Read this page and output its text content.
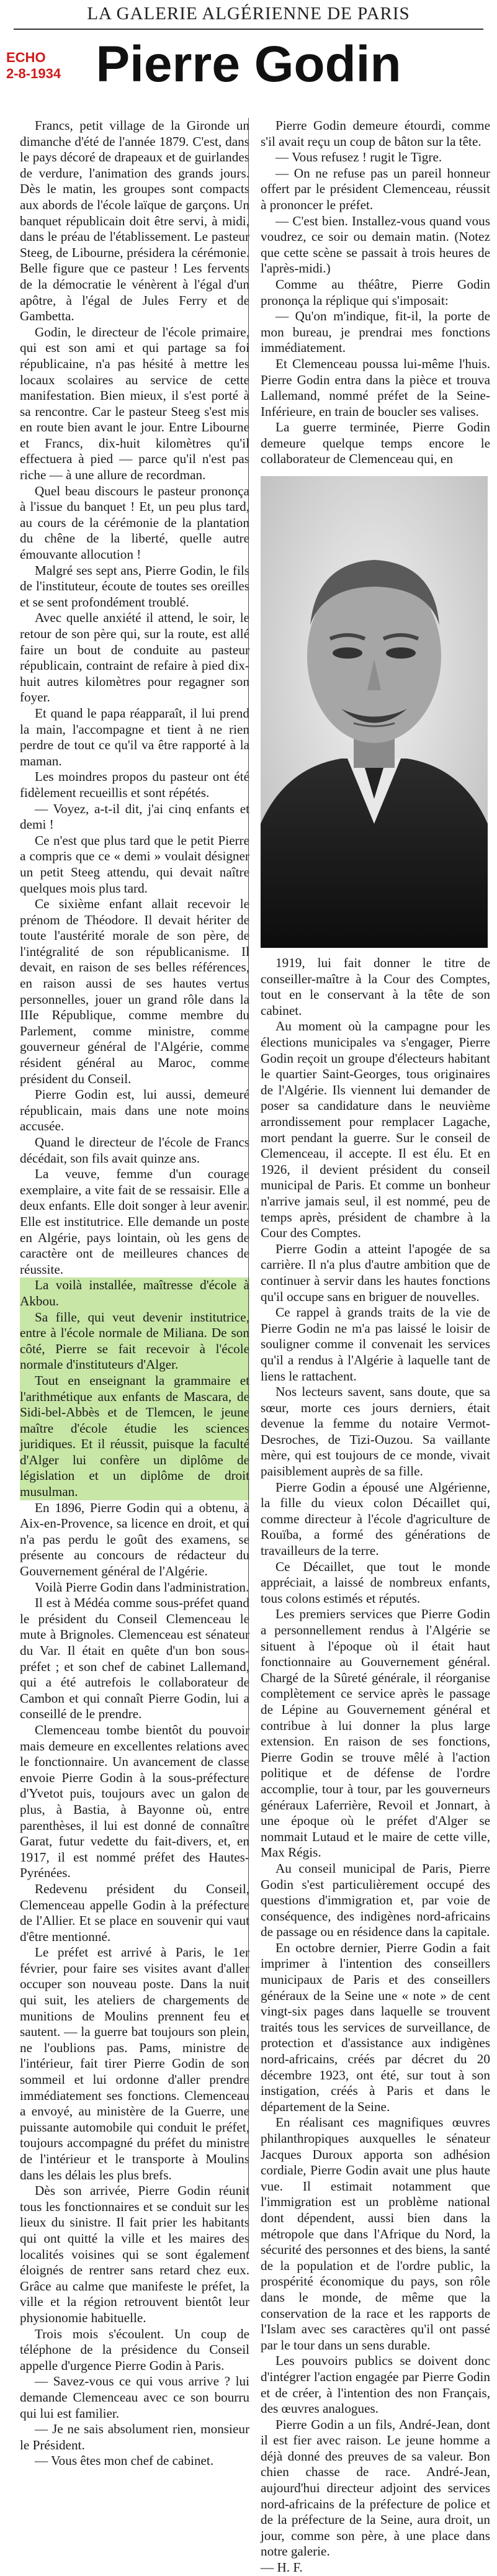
LA GALERIE ALGÉRIENNE DE PARIS
ECHO
2-8-1934 Pierre Godin

Francs, petit village de la Gironde un dimanche d'été de l'année 1879. C'est, dans le pays décoré de drapeaux et de guirlandes de verdure, l'animation des grands jours. Dès le matin, les groupes sont compacts aux abords de l'école laïque de garçons. Un banquet républicain doit être servi, à midi, dans le préau de l'établissement. Le pasteur Steeg, de Libourne, présidera la cérémonie. Belle figure que ce pasteur ! Les fervents de la démocratie le vénèrent à l'égal d'un apôtre, à l'égal de Jules Ferry et de Gambetta.

Godin, le directeur de l'école primaire, qui est son ami et qui partage sa foi républicaine, n'a pas hésité à mettre les locaux scolaires au service de cette manifestation. Bien mieux, il s'est porté à sa rencontre. Car le pasteur Steeg s'est mis en route bien avant le jour. Entre Libourne et Francs, dix-huit kilomètres qu'il effectuera à pied — parce qu'il n'est pas riche — à une allure de recordman.

Quel beau discours le pasteur prononça à l'issue du banquet ! Et, un peu plus tard, au cours de la cérémonie de la plantation du chêne de la liberté, quelle autre émouvante allocution !

Malgré ses sept ans, Pierre Godin, le fils de l'instituteur, écoute de toutes ses oreilles et se sent profondément troublé.

Avec quelle anxiété il attend, le soir, le retour de son père qui, sur la route, est allé faire un bout de conduite au pasteur républicain, contraint de refaire à pied dix-huit autres kilomètres pour regagner son foyer.

Et quand le papa réapparaît, il lui prend la main, l'accompagne et tient à ne rien perdre de tout ce qu'il va être rapporté à la maman.

Les moindres propos du pasteur ont été fidèlement recueillis et sont répétés.

— Voyez, a-t-il dit, j'ai cinq enfants et demi !

Ce n'est que plus tard que le petit Pierre a compris que ce « demi » voulait désigner un petit Steeg attendu, qui devait naître quelques mois plus tard.

Ce sixième enfant allait recevoir le prénom de Théodore. Il devait hériter de toute l'austérité morale de son père, de l'intégralité de son républicanisme. Il devait, en raison de ses belles références, en raison aussi de ses hautes vertus personnelles, jouer un grand rôle dans la IIIe République, comme membre du Parlement, comme ministre, comme gouverneur général de l'Algérie, comme résident général au Maroc, comme président du Conseil.

Pierre Godin est, lui aussi, demeuré républicain, mais dans une note moins accusée.

Quand le directeur de l'école de Francs décédait, son fils avait quinze ans.

La veuve, femme d'un courage exemplaire, a vite fait de se ressaisir. Elle a deux enfants. Elle doit songer à leur avenir. Elle est institutrice. Elle demande un poste en Algérie, pays lointain, où les gens de caractère ont de meilleures chances de réussite.

La voilà installée, maîtresse d'école à Akbou.

Sa fille, qui veut devenir institutrice, entre à l'école normale de Miliana. De son côté, Pierre se fait recevoir à l'école normale d'instituteurs d'Alger.

Tout en enseignant la grammaire et l'arithmétique aux enfants de Mascara, de Sidi-bel-Abbès et de Tlemcen, le jeune maître d'école étudie les sciences juridiques. Et il réussit, puisque la faculté d'Alger lui confère un diplôme de législation et un diplôme de droit musulman.

En 1896, Pierre Godin qui a obtenu, à Aix-en-Provence, sa licence en droit, et qui n'a pas perdu le goût des examens, se présente au concours de rédacteur du Gouvernement général de l'Algérie.

Voilà Pierre Godin dans l'administration.

Il est à Médéa comme sous-préfet quand le président du Conseil Clemenceau le mute à Brignoles. Clemenceau est sénateur du Var. Il était en quête d'un bon sous-préfet ; et son chef de cabinet Lallemand, qui a été autrefois le collaborateur de Cambon et qui connaît Pierre Godin, lui a conseillé de le prendre.

Clemenceau tombe bientôt du pouvoir mais demeure en excellentes relations avec le fonctionnaire. Un avancement de classe envoie Pierre Godin à la sous-préfecture d'Yvetot puis, toujours avec un galon de plus, à Bastia, à Bayonne où, entre parenthèses, il lui est donné de connaître Garat, futur vedette du fait-divers, et, en 1917, il est nommé préfet des Hautes-Pyrénées.

Redevenu président du Conseil, Clemenceau appelle Godin à la préfecture de l'Allier. Et se place en souvenir qui vaut d'être mentionné.

Le préfet est arrivé à Paris, le 1er février, pour faire ses visites avant d'aller occuper son nouveau poste. Dans la nuit qui suit, les ateliers de chargements de munitions de Moulins prennent feu et sautent. — la guerre bat toujours son plein, ne l'oublions pas. Pams, ministre de l'intérieur, fait tirer Pierre Godin de son sommeil et lui ordonne d'aller prendre immédiatement ses fonctions. Clemenceau a envoyé, au ministère de la Guerre, une puissante automobile qui conduit le préfet, toujours accompagné du préfet du ministre de l'intérieur et le transporte à Moulins dans les délais les plus brefs.

Dès son arrivée, Pierre Godin réunit tous les fonctionnaires et se conduit sur les lieux du sinistre. Il fait prier les habitants qui ont quitté la ville et les maires des localités voisines qui se sont également éloignés de rentrer sans retard chez eux. Grâce au calme que manifeste le préfet, la ville et la région retrouvent bientôt leur physionomie habituelle.

Trois mois s'écoulent. Un coup de téléphone de la présidence du Conseil appelle d'urgence Pierre Godin à Paris.

— Savez-vous ce qui vous arrive ? lui demande Clemenceau avec ce son bourru qui lui est familier.

— Je ne sais absolument rien, monsieur le Président.

— Vous êtes mon chef de cabinet.

Pierre Godin demeure étourdi, comme s'il avait reçu un coup de bâton sur la tête.

— Vous refusez ! rugit le Tigre.

— On ne refuse pas un pareil honneur offert par le président Clemenceau, réussit à prononcer le préfet.

— C'est bien. Installez-vous quand vous voudrez, ce soir ou demain matin. (Notez que cette scène se passait à trois heures de l'après-midi.)

Comme au théâtre, Pierre Godin prononça la réplique qui s'imposait:

— Qu'on m'indique, fit-il, la porte de mon bureau, je prendrai mes fonctions immédiatement.

Et Clemenceau poussa lui-même l'huis. Pierre Godin entra dans la pièce et trouva Lallemand, nommé préfet de la Seine-Inférieure, en train de boucler ses valises.

La guerre terminée, Pierre Godin demeure quelque temps encore le collaborateur de Clemenceau qui, en

1919, lui fait donner le titre de conseiller-maître à la Cour des Comptes, tout en le conservant à la tête de son cabinet.

Au moment où la campagne pour les élections municipales va s'engager, Pierre Godin reçoit un groupe d'électeurs habitant le quartier Saint-Georges, tous originaires de l'Algérie. Ils viennent lui demander de poser sa candidature dans le neuvième arrondissement pour remplacer Lagache, mort pendant la guerre. Sur le conseil de Clemenceau, il accepte. Il est élu. Et en 1926, il devient président du conseil municipal de Paris. Et comme un bonheur n'arrive jamais seul, il est nommé, peu de temps après, président de chambre à la Cour des Comptes.

Pierre Godin a atteint l'apogée de sa carrière. Il n'a plus d'autre ambition que de continuer à servir dans les hautes fonctions qu'il occupe sans en briguer de nouvelles.

Ce rappel à grands traits de la vie de Pierre Godin ne m'a pas laissé le loisir de souligner comme il convenait les services qu'il a rendus à l'Algérie à laquelle tant de liens le rattachent.

Nos lecteurs savent, sans doute, que sa sœur, morte ces jours derniers, était devenue la femme du notaire Vermot-Desroches, de Tizi-Ouzou. Sa vaillante mère, qui est toujours de ce monde, vivait paisiblement auprès de sa fille.

Pierre Godin a épousé une Algérienne, la fille du vieux colon Décaillet qui, comme directeur à l'école d'agriculture de Rouïba, a formé des générations de travailleurs de la terre.

Ce Décaillet, que tout le monde appréciait, a laissé de nombreux enfants, tous colons estimés et réputés.

Les premiers services que Pierre Godin a personnellement rendus à l'Algérie se situent à l'époque où il était haut fonctionnaire au Gouvernement général. Chargé de la Sûreté générale, il réorganise complètement ce service après le passage de Lépine au Gouvernement général et contribue à lui donner la plus large extension. En raison de ses fonctions, Pierre Godin se trouve mêlé à l'action politique et de défense de l'ordre accomplie, tour à tour, par les gouverneurs généraux Laferrière, Revoil et Jonnart, à une époque où le préfet d'Alger se nommait Lutaud et le maire de cette ville, Max Régis.

Au conseil municipal de Paris, Pierre Godin s'est particulièrement occupé des questions d'immigration et, par voie de conséquence, des indigènes nord-africains de passage ou en résidence dans la capitale.

En octobre dernier, Pierre Godin a fait imprimer à l'intention des conseillers municipaux de Paris et des conseillers généraux de la Seine une « note » de cent vingt-six pages dans laquelle se trouvent traités tous les services de surveillance, de protection et d'assistance aux indigènes nord-africains, créés par décret du 20 décembre 1923, ont été, sur tout à son instigation, créés à Paris et dans le département de la Seine.

En réalisant ces magnifiques œuvres philanthropiques auxquelles le sénateur Jacques Duroux apporta son adhésion cordiale, Pierre Godin avait une plus haute vue. Il estimait notamment que l'immigration est un problème national dont dépendent, aussi bien dans la métropole que dans l'Afrique du Nord, la sécurité des personnes et des biens, la santé de la population et de l'ordre public, la prospérité économique du pays, son rôle dans le monde, de même que la conservation de la race et les rapports de l'Islam avec ses caractères qu'il ont passé par le tour dans un sens durable.

Les pouvoirs publics se doivent donc d'intégrer l'action engagée par Pierre Godin et de créer, à l'intention des non Français, des œuvres analogues.

Pierre Godin a un fils, André-Jean, dont il est fier avec raison. Le jeune homme a déjà donné des preuves de sa valeur. Bon chien chasse de race. André-Jean, aujourd'hui directeur adjoint des services nord-africains de la préfecture de police et de la préfecture de la Seine, aura droit, un jour, comme son père, à une place dans notre galerie.

— H. F.
